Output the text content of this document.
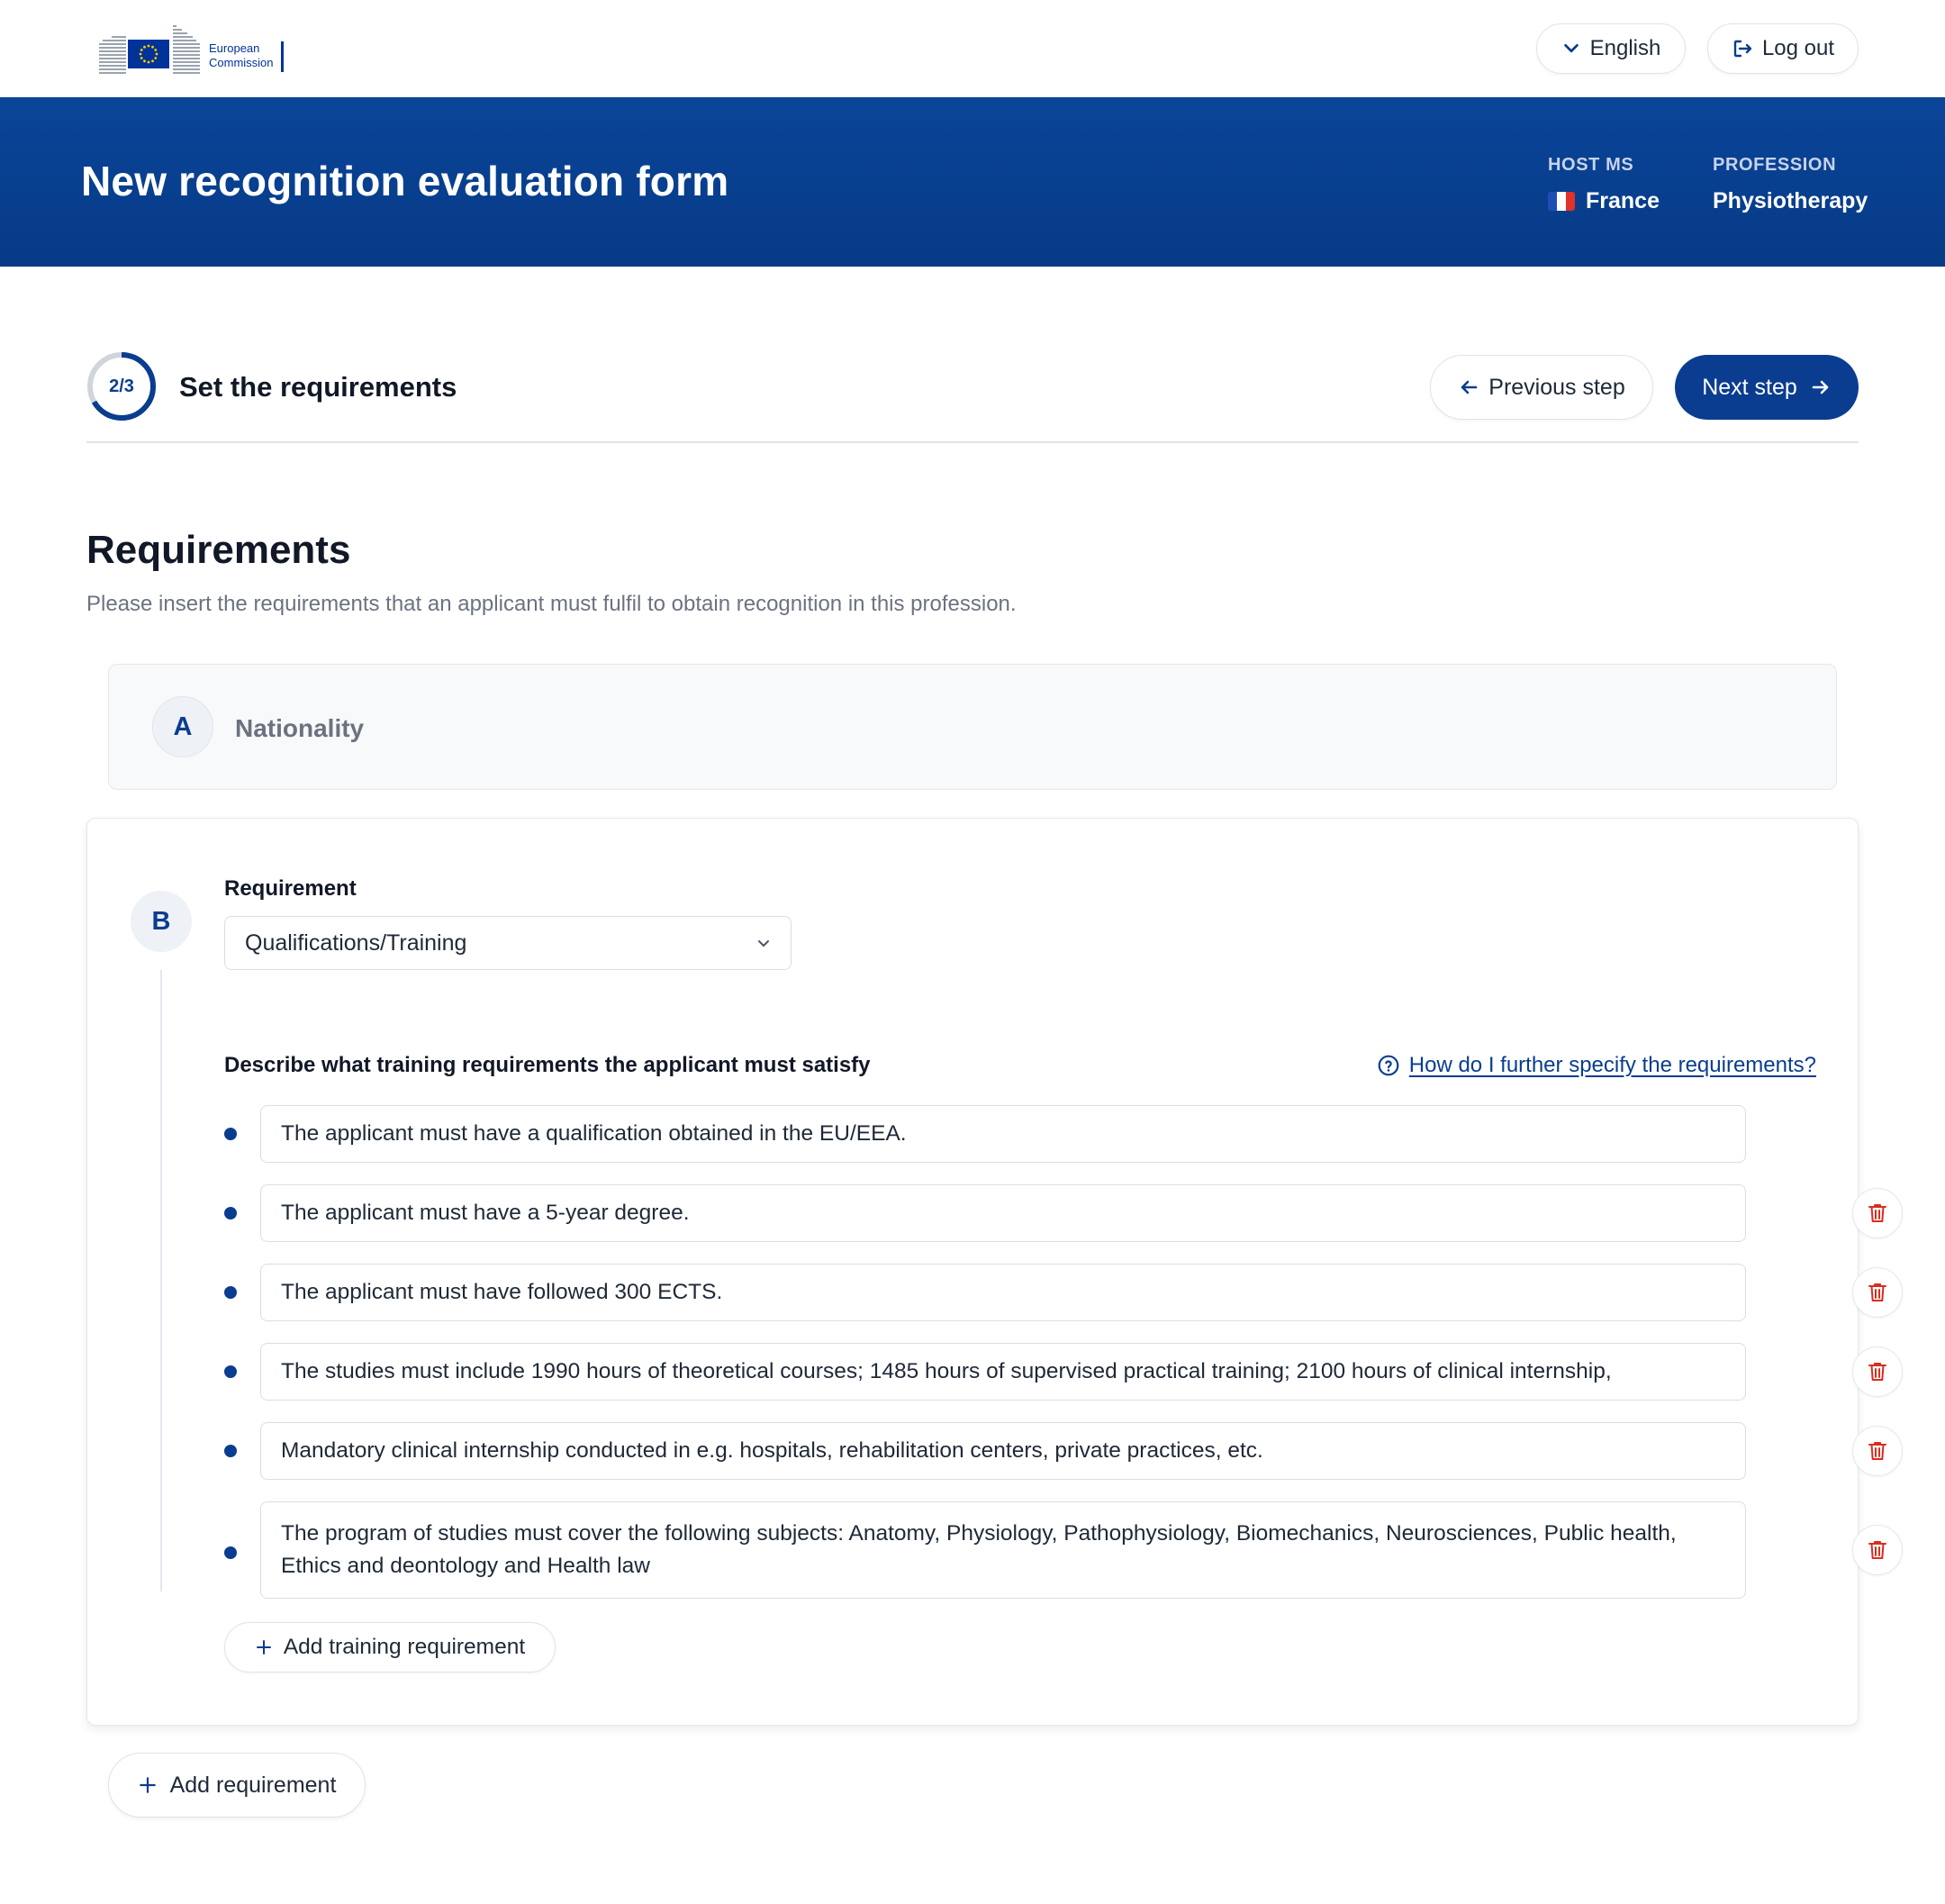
European
Commission
English	Log out
New recognition evaluation form	HOST MS
France
PROFESSION
Physiotherapy
2/3	Set the requirements	Previous step	Next step
Requirements
Please insert the requirements that an applicant must fulfil to obtain recognition in this profession.
A	Nationality
B
Requirement
Qualifications/Training
Describe what training requirements the applicant must satisfy	How do I further specify the requirements?
The applicant must have a qualification obtained in the EU/EEA.
The applicant must have a 5-year degree.
The applicant must have followed 300 ECTS.
The studies must include 1990 hours of theoretical courses; 1485 hours of supervised practical training; 2100 hours of clinical internship,
Mandatory clinical internship conducted in e.g. hospitals, rehabilitation centers, private practices, etc.
The program of studies must cover the following subjects: Anatomy, Physiology, Pathophysiology, Biomechanics, Neurosciences, Public health, Ethics and deontology and Health law
Add training requirement
Add requirement
